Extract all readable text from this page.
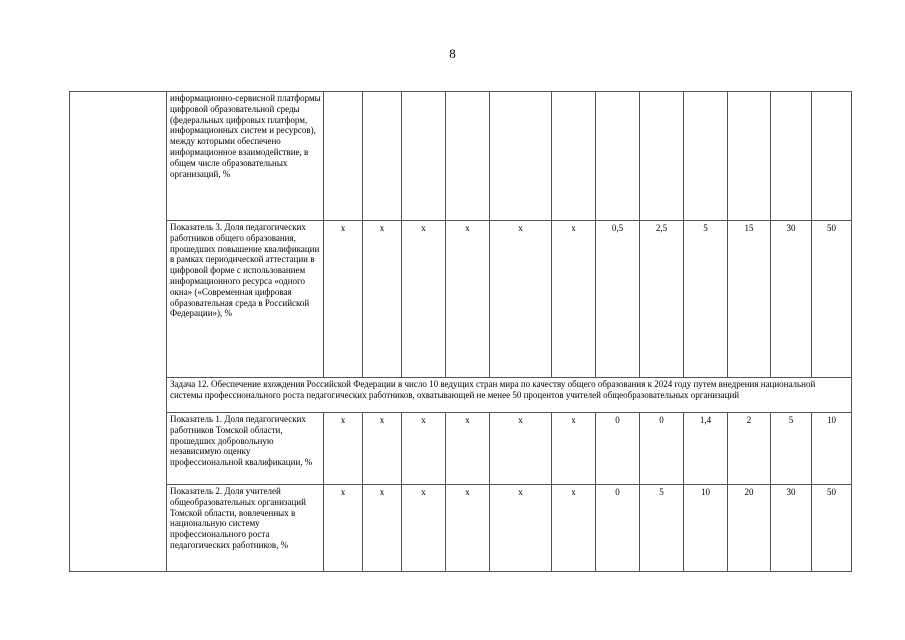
8
	информационно-сервисной платформы цифровой образовательной среды (федеральных цифровых платформ, информационных систем и ресурсов), между которыми обеспечено информационное взаимодействие, в общем числе образовательных организаций, %												
	Показатель 3. Доля педагогических работников общего образования, прошедших повышение квалификации в рамках периодической аттестации в цифровой форме с использованием информационного ресурса «одного окна» («Современная цифровая образовательная среда в Российской Федерации»), %	x	x	x	x	x	x	0,5	2,5	5	15	30	50
	Задача 12. Обеспечение вхождения Российской Федерации в число 10 ведущих стран мира по качеству общего образования к 2024 году путем внедрения национальной системы профессионального роста педагогических работников, охватывающей не менее 50 процентов учителей общеобразовательных организаций												
	Показатель 1. Доля педагогических работников Томской области, прошедших добровольную независимую оценку профессиональной квалификации, %	x	x	x	x	x	x	0	0	1,4	2	5	10
	Показатель 2. Доля учителей общеобразовательных организаций Томской области, вовлеченных в национальную систему профессионального роста педагогических работников, %	x	x	x	x	x	x	0	5	10	20	30	50
